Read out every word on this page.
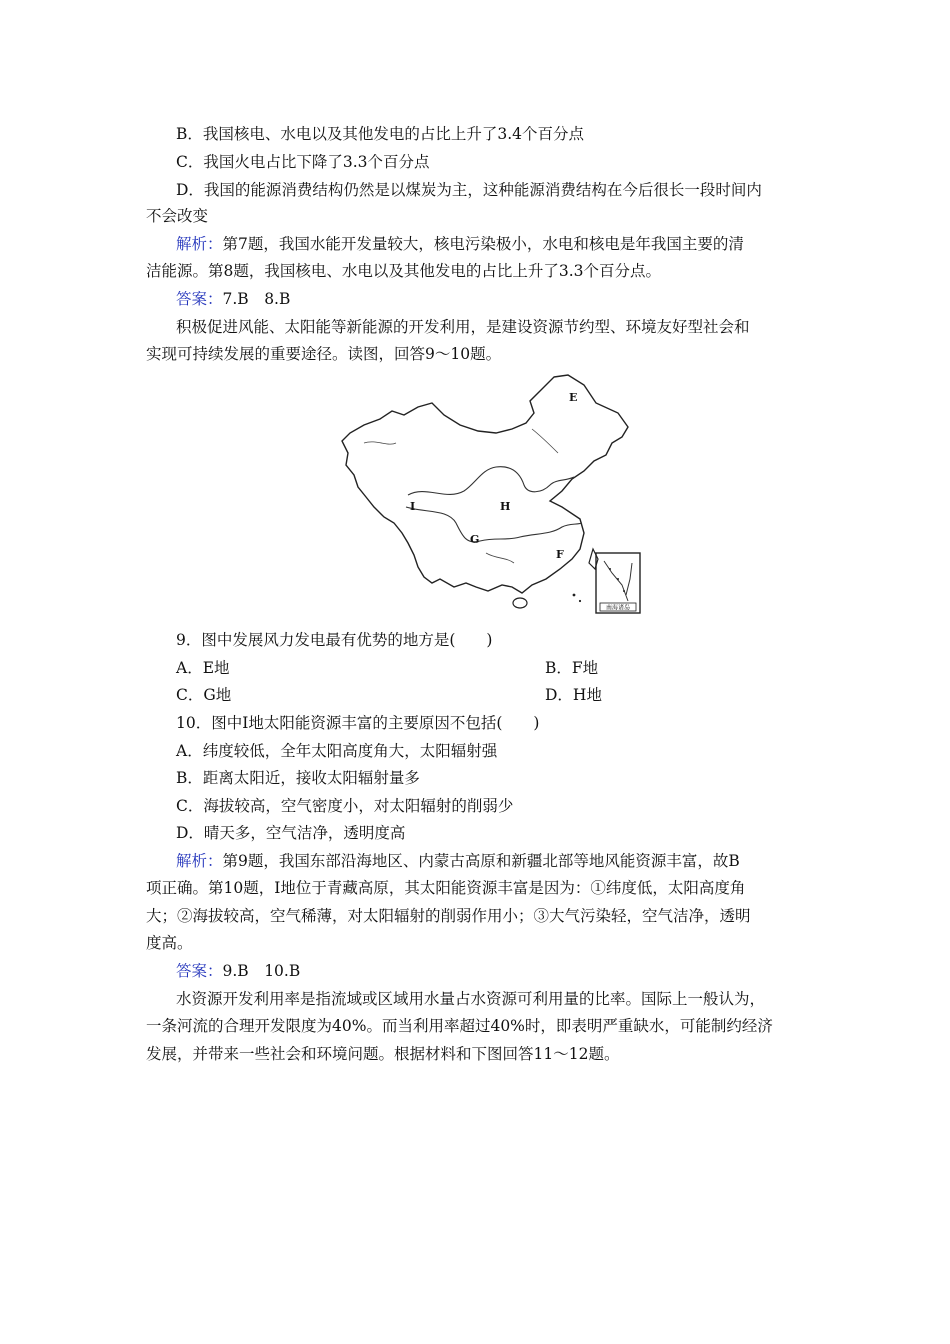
B．我国核电、水电以及其他发电的占比上升了3.4个百分点
C．我国火电占比下降了3.3个百分点
D．我国的能源消费结构仍然是以煤炭为主，这种能源消费结构在今后很长一段时间内
不会改变
解析：第7题，我国水能开发量较大，核电污染极小，水电和核电是年我国主要的清
洁能源。第8题，我国核电、水电以及其他发电的占比上升了3.3个百分点。
答案：7.B　8.B
积极促进风能、太阳能等新能源的开发利用，是建设资源节约型、环境友好型社会和
实现可持续发展的重要途径。读图，回答9～10题。
南海诸岛
E
I	H
G
F
9．图中发展风力发电最有优势的地方是(　　)
A．E地	B．F地
C．G地	D．H地
10．图中I地太阳能资源丰富的主要原因不包括(　　)
A．纬度较低，全年太阳高度角大，太阳辐射强
B．距离太阳近，接收太阳辐射量多
C．海拔较高，空气密度小，对太阳辐射的削弱少
D．晴天多，空气洁净，透明度高
解析：第9题，我国东部沿海地区、内蒙古高原和新疆北部等地风能资源丰富，故B
项正确。第10题，I地位于青藏高原，其太阳能资源丰富是因为：①纬度低，太阳高度角
大；②海拔较高，空气稀薄，对太阳辐射的削弱作用小；③大气污染轻，空气洁净，透明
度高。
答案：9.B　10.B
水资源开发利用率是指流域或区域用水量占水资源可利用量的比率。国际上一般认为，
一条河流的合理开发限度为40%。而当利用率超过40%时，即表明严重缺水，可能制约经济
发展，并带来一些社会和环境问题。根据材料和下图回答11～12题。
